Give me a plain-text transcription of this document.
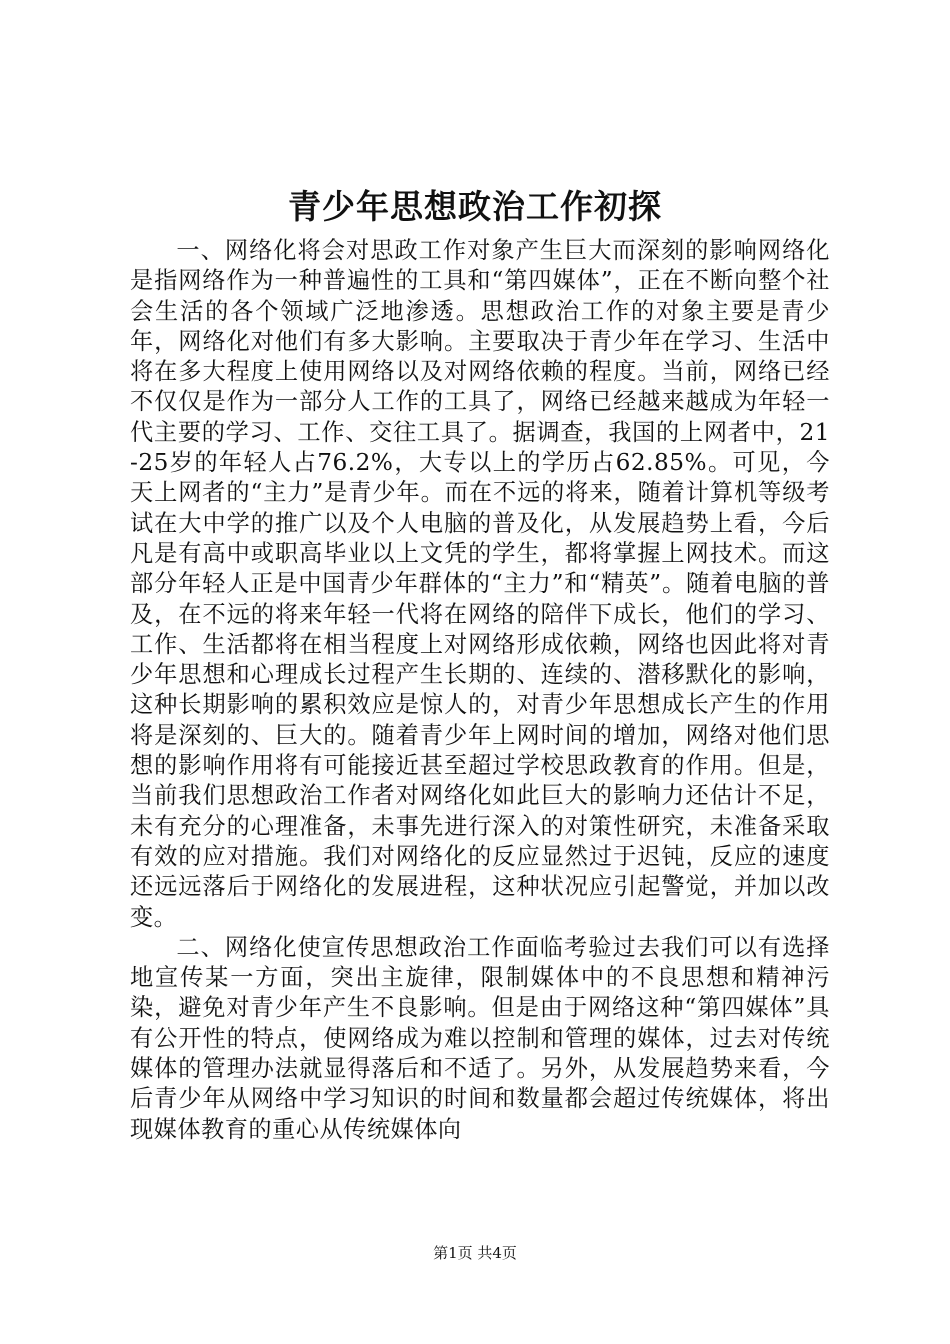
青少年思想政治工作初探

一、网络化将会对思政工作对象产生巨大而深刻的影响网络化是指网络作为一种普遍性的工具和“第四媒体”，正在不断向整个社会生活的各个领域广泛地渗透。思想政治工作的对象主要是青少年，网络化对他们有多大影响。主要取决于青少年在学习、生活中将在多大程度上使用网络以及对网络依赖的程度。当前，网络已经不仅仅是作为一部分人工作的工具了，网络已经越来越成为年轻一代主要的学习、工作、交往工具了。据调查，我国的上网者中，21-25岁的年轻人占76.2%，大专以上的学历占62.85%。可见，今天上网者的“主力”是青少年。而在不远的将来，随着计算机等级考试在大中学的推广以及个人电脑的普及化，从发展趋势上看，今后凡是有高中或职高毕业以上文凭的学生，都将掌握上网技术。而这部分年轻人正是中国青少年群体的“主力”和“精英”。随着电脑的普及，在不远的将来年轻一代将在网络的陪伴下成长，他们的学习、工作、生活都将在相当程度上对网络形成依赖，网络也因此将对青少年思想和心理成长过程产生长期的、连续的、潜移默化的影响，这种长期影响的累积效应是惊人的，对青少年思想成长产生的作用将是深刻的、巨大的。随着青少年上网时间的增加，网络对他们思想的影响作用将有可能接近甚至超过学校思政教育的作用。但是，当前我们思想政治工作者对网络化如此巨大的影响力还估计不足，未有充分的心理准备，未事先进行深入的对策性研究，未准备采取有效的应对措施。我们对网络化的反应显然过于迟钝，反应的速度还远远落后于网络化的发展进程，这种状况应引起警觉，并加以改变。

二、网络化使宣传思想政治工作面临考验过去我们可以有选择地宣传某一方面，突出主旋律，限制媒体中的不良思想和精神污染，避免对青少年产生不良影响。但是由于网络这种“第四媒体”具有公开性的特点，使网络成为难以控制和管理的媒体，过去对传统媒体的管理办法就显得落后和不适了。另外，从发展趋势来看，今后青少年从网络中学习知识的时间和数量都会超过传统媒体，将出现媒体教育的重心从传统媒体向

第1页 共4页
